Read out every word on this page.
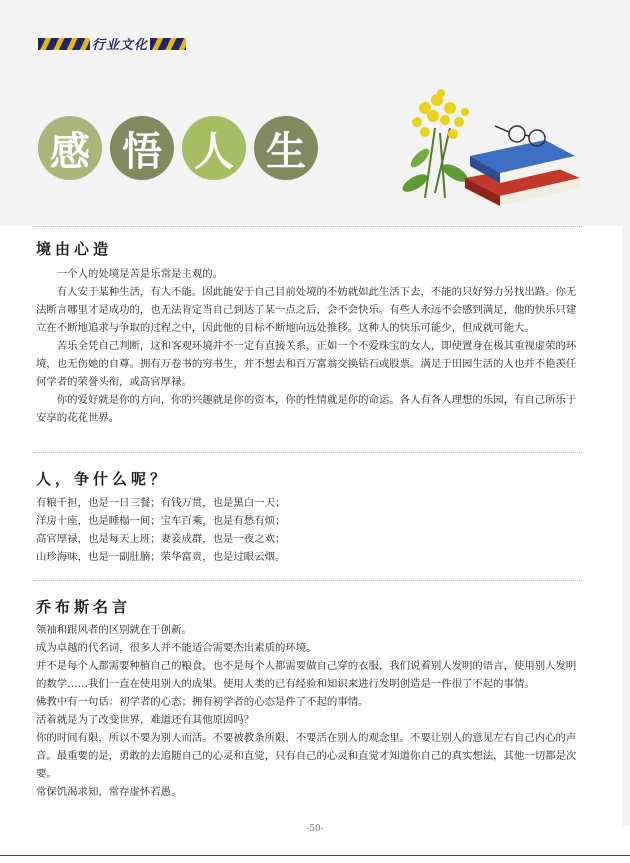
行业文化
感 悟 人 生
境由心造

一个人的处境是苦是乐常是主观的。

有人安于某种生活，有人不能。因此能安于自己目前处境的不妨就如此生活下去，不能的只好努力另找出路。你无法断言哪里才是成功的，也无法肯定当自己到达了某一点之后，会不会快乐。有些人永远不会感到满足，他的快乐只建立在不断地追求与争取的过程之中，因此他的目标不断地向远处推移。这种人的快乐可能少，但成就可能大。

苦乐全凭自己判断，这和客观环境并不一定有直接关系，正如一个不爱珠宝的女人，即使置身在极其重视虚荣的环境，也无伤她的自尊。拥有万卷书的穷书生，并不想去和百万富翁交换钻石或股票。满足于田园生活的人也并不艳羡任何学者的荣誉头衔，或高官厚禄。

你的爱好就是你的方向，你的兴趣就是你的资本，你的性情就是你的命运。各人有各人理想的乐园，有自己所乐于安享的花花世界。

人，争什么呢？

有粮千担，也是一日三餐；有钱万贯，也是黑白一天；

洋房十座，也是睡榻一间；宝车百乘，也是有愁有烦；

高官厚禄，也是每天上班；妻妾成群，也是一夜之欢；

山珍海味，也是一副肚腩；荣华富贵，也是过眼云烟。

乔布斯名言

领袖和跟风者的区别就在于创新。

成为卓越的代名词，很多人并不能适合需要杰出素质的环境。

并不是每个人都需要种植自己的粮食，也不是每个人都需要做自己穿的衣服，我们说着别人发明的语言，使用别人发明的数学……我们一直在使用别人的成果。使用人类的已有经验和知识来进行发明创造是一件很了不起的事情。

佛教中有一句话：初学者的心态；拥有初学者的心态是件了不起的事情。

活着就是为了改变世界，难道还有其他原因吗？

你的时间有限，所以不要为别人而活。不要被教条所限，不要活在别人的观念里。不要让别人的意见左右自己内心的声音。最重要的是，勇敢的去追随自己的心灵和直觉，只有自己的心灵和直觉才知道你自己的真实想法，其他一切都是次要。

常保饥渴求知，常存虚怀若愚。

-50-
